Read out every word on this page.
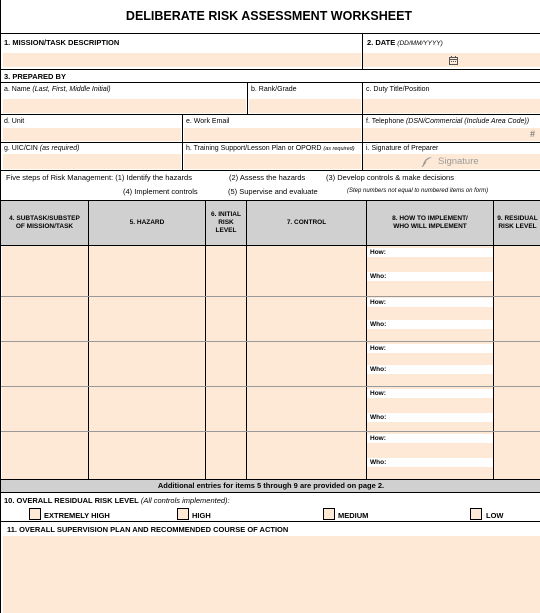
DELIBERATE RISK ASSESSMENT WORKSHEET
1. MISSION/TASK DESCRIPTION	2. DATE (DD/MM/YYYY)
3. PREPARED BY
a. Name (Last, First, Middle Initial)	b. Rank/Grade	c. Duty Title/Position
d. Unit	e. Work Email	f. Telephone (DSN/Commercial (Include Area Code))
#
g. UIC/CIN (as required)	h. Training Support/Lesson Plan or OPORD (as required)	i. Signature of Preparer
Signature
Five steps of Risk Management: (1) Identify the hazards	(2) Assess the hazards	(3) Develop controls & make decisions
(4) Implement controls	(5) Supervise and evaluate	(Step numbers not equal to numbered items on form)
4. SUBTASK/SUBSTEP
OF MISSION/TASK
5. HAZARD
6. INITIAL
RISK
LEVEL
7. CONTROL
8. HOW TO IMPLEMENT/
WHO WILL IMPLEMENT
9. RESIDUAL
RISK LEVEL
How:
Who:
How:
Who:
How:
Who:
How:
Who:
How:
Who:
Additional entries for items 5 through 9 are provided on page 2.
10. OVERALL RESIDUAL RISK LEVEL (All controls implemented):
EXTREMELY HIGH	HIGH	MEDIUM	LOW
11. OVERALL SUPERVISION PLAN AND RECOMMENDED COURSE OF ACTION
